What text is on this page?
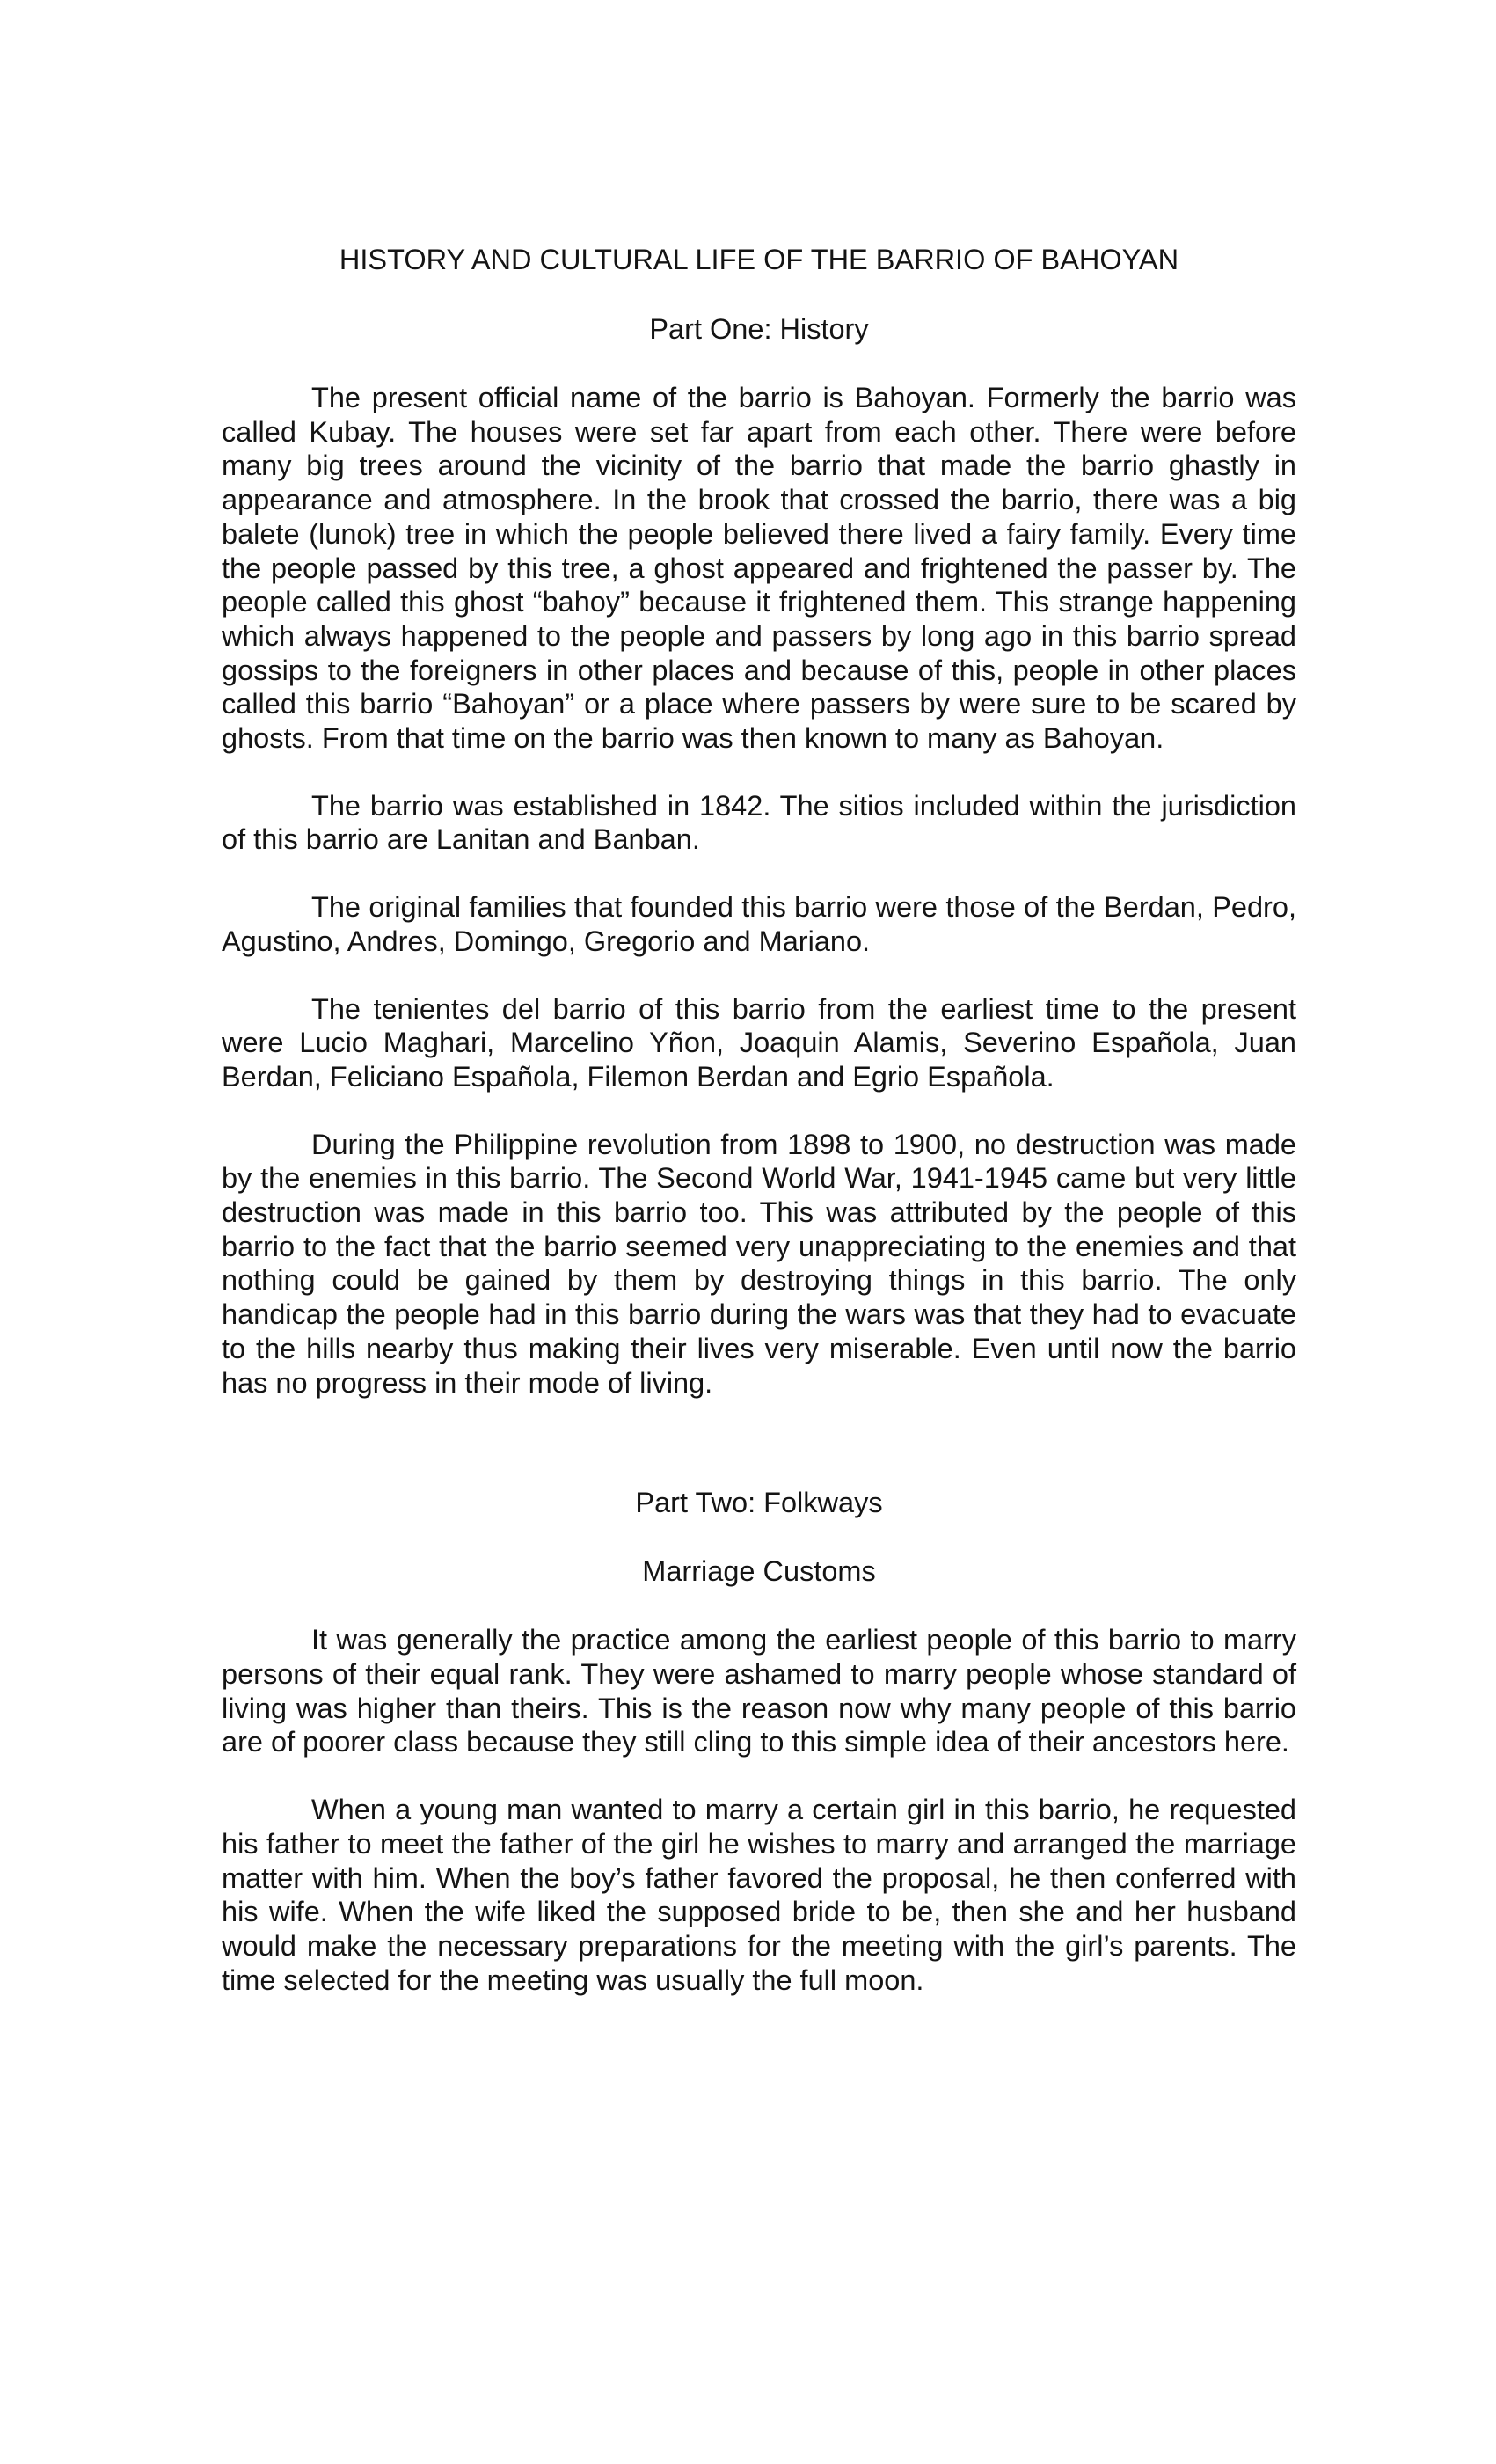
HISTORY AND CULTURAL LIFE OF THE BARRIO OF BAHOYAN
Part One: History

The present official name of the barrio is Bahoyan. Formerly the barrio was called Kubay. The houses were set far apart from each other. There were before many big trees around the vicinity of the barrio that made the barrio ghastly in appearance and atmosphere. In the brook that crossed the barrio, there was a big balete (lunok) tree in which the people believed there lived a fairy family. Every time the people passed by this tree, a ghost appeared and frightened the passer by. The people called this ghost “bahoy” because it frightened them. This strange happening which always happened to the people and passers by long ago in this barrio spread gossips to the foreigners in other places and because of this, people in other places called this barrio “Bahoyan” or a place where passers by were sure to be scared by ghosts. From that time on the barrio was then known to many as Bahoyan.

The barrio was established in 1842. The sitios included within the jurisdiction of this barrio are Lanitan and Banban.

The original families that founded this barrio were those of the Berdan, Pedro, Agustino, Andres, Domingo, Gregorio and Mariano.

The tenientes del barrio of this barrio from the earliest time to the present were Lucio Maghari, Marcelino Yñon, Joaquin Alamis, Severino Española, Juan Berdan, Feliciano Española, Filemon Berdan and Egrio Española.

During the Philippine revolution from 1898 to 1900, no destruction was made by the enemies in this barrio. The Second World War, 1941-1945 came but very little destruction was made in this barrio too. This was attributed by the people of this barrio to the fact that the barrio seemed very unappreciating to the enemies and that nothing could be gained by them by destroying things in this barrio. The only handicap the people had in this barrio during the wars was that they had to evacuate to the hills nearby thus making their lives very miserable. Even until now the barrio has no progress in their mode of living.

Part Two: Folkways
Marriage Customs

It was generally the practice among the earliest people of this barrio to marry persons of their equal rank. They were ashamed to marry people whose standard of living was higher than theirs. This is the reason now why many people of this barrio are of poorer class because they still cling to this simple idea of their ancestors here.

When a young man wanted to marry a certain girl in this barrio, he requested his father to meet the father of the girl he wishes to marry and arranged the marriage matter with him. When the boy’s father favored the proposal, he then conferred with his wife. When the wife liked the supposed bride to be, then she and her husband would make the necessary preparations for the meeting with the girl’s parents. The time selected for the meeting was usually the full moon.
